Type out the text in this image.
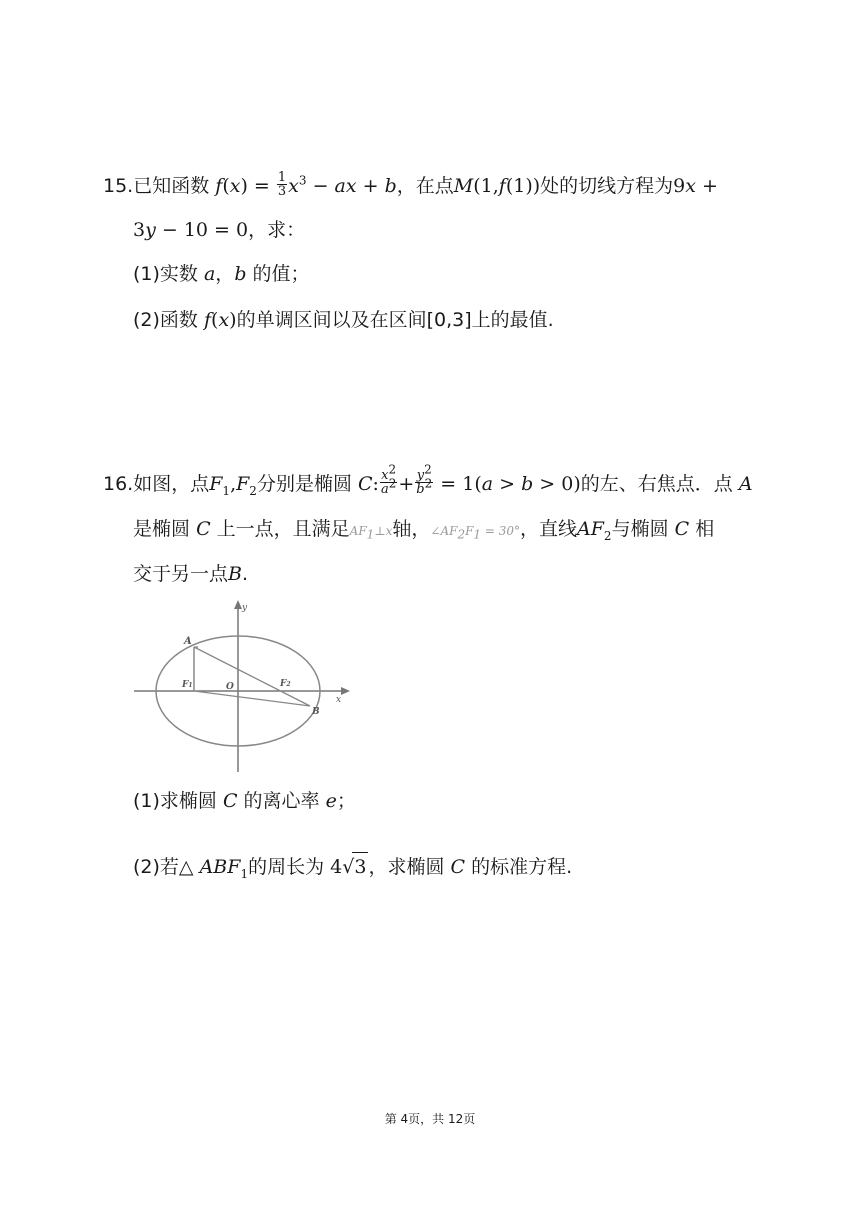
15.已知函数 $f(x) = \frac{1}{3} x^3$ − ax + b，在点M(1,f(1))处的切线方程为9x +
3y − 10 = 0，求：
(1)实数 a，b 的值；
(2)函数 f(x)的单调区间以及在区间[0,3]上的最值.
16.如图，点$F_1,F_2$分别是椭圆 C: $\frac{x^2}{a^2} + \frac{y^2}{b^2} = 1(a > b > 0)$的左、右焦点．点 A
是椭圆 C 上一点，且满足$AF_1\perp x$轴，$\angle AF_2F_1 = 30^\circ$，直线$AF_2$与椭圆 C 相
交于另一点B.
A
F1	O	F2
B
x
y
(1)求椭圆 C 的离心率 e；
(2)若△ $ABF_1$的周长为 4√3 ，求椭圆 C 的标准方程.
第 4页，共 12页
